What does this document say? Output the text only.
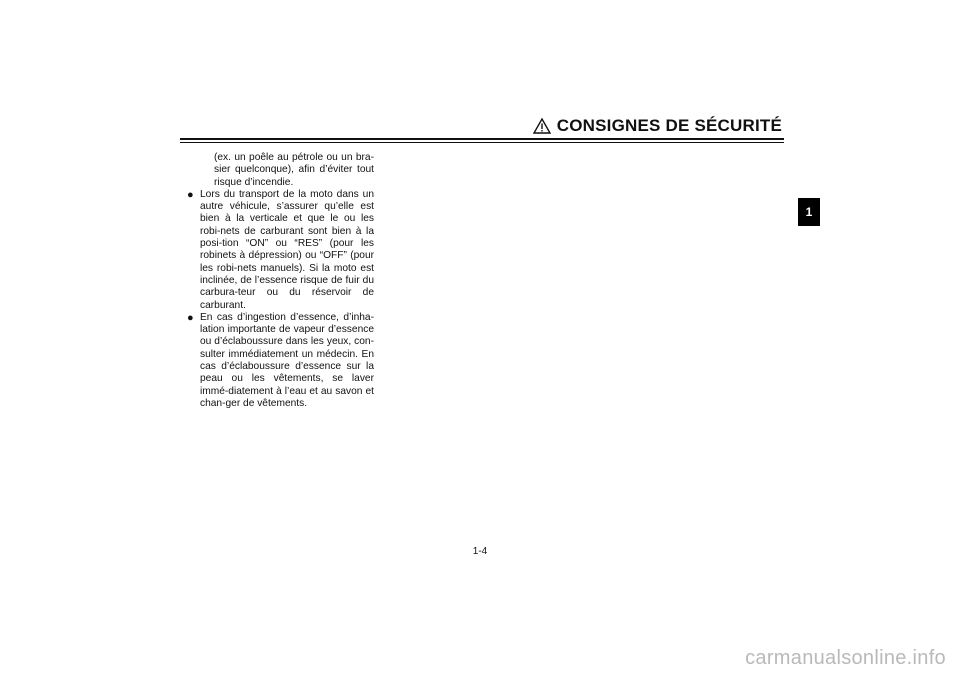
CONSIGNES DE SÉCURITÉ
1
(ex. un poêle au pétrole ou un bra-sier quelconque), afin d’éviter tout risque d’incendie.
● Lors du transport de la moto dans un autre véhicule, s’assurer qu’elle est bien à la verticale et que le ou les robi-nets de carburant sont bien à la posi-tion “ON” ou “RES” (pour les robinets à dépression) ou “OFF” (pour les robi-nets manuels). Si la moto est inclinée, de l’essence risque de fuir du carbura-teur ou du réservoir de carburant.
● En cas d’ingestion d’essence, d’inha-lation importante de vapeur d’essence ou d’éclaboussure dans les yeux, con-sulter immédiatement un médecin. En cas d’éclaboussure d’essence sur la peau ou les vêtements, se laver immé-diatement à l’eau et au savon et chan-ger de vêtements.
1-4
carmanualsonline.info
